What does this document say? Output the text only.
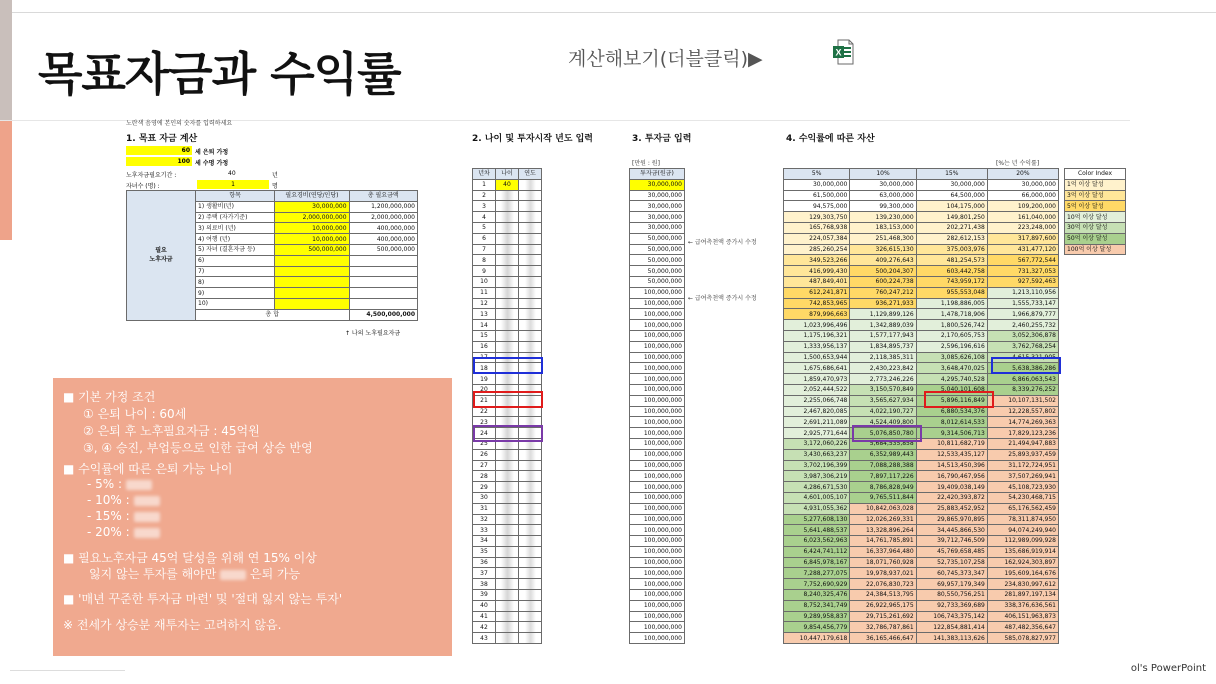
목표자금과 수익률	계산해보기(더블클릭)▶	X
노란색 음영에 본인의 숫자를 입력하세요
1. 목표 자금 계산
60 세 은퇴 가정
100 세 수명 가정
노후자금필요기간 :	40	년
자녀수 (명) :	1	명
필요
노후자금	항목	필요경비(연당/인당)	총 필요금액
	1) 생활비(년)	30,000,000	1,200,000,000
	2) 주택 (자가기준)	2,000,000,000	2,000,000,000
	3) 의료비 (년)	10,000,000	400,000,000
	4) 여행 (년)	10,000,000	400,000,000
	5) 자녀 (결혼자금 등)	500,000,000	500,000,000
	6)		
	7)		
	8)		
	9)		
	10)		
	총 합		4,500,000,000
↑ 나의 노후필요자금
■ 기본 가정 조건
① 은퇴 나이 : 60세
② 은퇴 후 노후필요자금 : 45억원
③, ④ 승진, 부업등으로 인한 급여 상승 반영
■ 수익률에 따른 은퇴 가능 나이
- 5% :
- 10% :
- 15% :
- 20% :
■ 필요노후자금 45억 달성을 위해 연 15% 이상
잃지 않는 투자를 해야만  은퇴 가능
■ '매년 꾸준한 투자금 마련' 및 '절대 잃지 않는 투자'
※ 전세가 상승분 재투자는 고려하지 않음.
2. 나이 및 투자시작 년도 입력
년차	나이	연도
1	40	
2		
3		
4		
5		
6		
7		
8		
9		
10		
11		
12		
13		
14		
15		
16		
17		
18		
19		
20		
21		
22		
23		
24		
25		
26		
27		
28		
29		
30		
31		
32		
33		
34		
35		
36		
37		
38		
39		
40		
41		
42		
43		
3. 투자금 입력
[만원 : 원]
투자금(원금)
30,000,000
30,000,000
30,000,000
30,000,000
30,000,000
50,000,000
50,000,000
50,000,000
50,000,000
50,000,000
100,000,000
100,000,000
100,000,000
100,000,000
100,000,000
100,000,000
100,000,000
100,000,000
100,000,000
100,000,000
100,000,000
100,000,000
100,000,000
100,000,000
100,000,000
100,000,000
100,000,000
100,000,000
100,000,000
100,000,000
100,000,000
100,000,000
100,000,000
100,000,000
100,000,000
100,000,000
100,000,000
100,000,000
100,000,000
100,000,000
100,000,000
100,000,000
100,000,000
← 급여측천액 증가시 수정
← 급여측천액 증가시 수정
4. 수익률에 따른 자산
[%는 년 수익률]
5%	10%	15%	20%
30,000,000	30,000,000	30,000,000	30,000,000
61,500,000	63,000,000	64,500,000	66,000,000
94,575,000	99,300,000	104,175,000	109,200,000
129,303,750	139,230,000	149,801,250	161,040,000
165,768,938	183,153,000	202,271,438	223,248,000
224,057,384	251,468,300	282,612,153	317,897,600
285,260,254	326,615,130	375,003,976	431,477,120
349,523,266	409,276,643	481,254,573	567,772,544
416,999,430	500,204,307	603,442,758	731,327,053
487,849,401	600,224,738	743,959,172	927,592,463
612,241,871	760,247,212	955,553,048	1,213,110,956
742,853,965	936,271,933	1,198,886,005	1,555,733,147
879,996,663	1,129,899,126	1,478,718,906	1,966,879,777
1,023,996,496	1,342,889,039	1,800,526,742	2,460,255,732
1,175,196,321	1,577,177,943	2,170,605,753	3,052,306,878
1,333,956,137	1,834,895,737	2,596,196,616	3,762,768,254
1,500,653,944	2,118,385,311	3,085,626,108	4,615,321,905
1,675,686,641	2,430,223,842	3,648,470,025	5,638,386,286
1,859,470,973	2,773,246,226	4,295,740,528	6,866,063,543
2,052,444,522	3,150,570,849	5,040,101,608	8,339,276,252
2,255,066,748	3,565,627,934	5,896,116,849	10,107,131,502
2,467,820,085	4,022,190,727	6,880,534,376	12,228,557,802
2,691,211,089	4,524,409,800	8,012,614,533	14,774,269,363
2,925,771,644	5,076,850,780	9,314,506,713	17,829,123,236
3,172,060,226	5,684,535,858	10,811,682,719	21,494,947,883
3,430,663,237	6,352,989,443	12,533,435,127	25,893,937,459
3,702,196,399	7,088,288,388	14,513,450,396	31,172,724,951
3,987,306,219	7,897,117,226	16,790,467,956	37,507,269,941
4,286,671,530	8,786,828,949	19,409,038,149	45,108,723,930
4,601,005,107	9,765,511,844	22,420,393,872	54,230,468,715
4,931,055,362	10,842,063,028	25,883,452,952	65,176,562,459
5,277,608,130	12,026,269,331	29,865,970,895	78,311,874,950
5,641,488,537	13,328,896,264	34,445,866,530	94,074,249,940
6,023,562,963	14,761,785,891	39,712,746,509	112,989,099,928
6,424,741,112	16,337,964,480	45,769,658,485	135,686,919,914
6,845,978,167	18,071,760,928	52,735,107,258	162,924,303,897
7,288,277,075	19,978,937,021	60,745,373,347	195,609,164,676
7,752,690,929	22,076,830,723	69,957,179,349	234,830,997,612
8,240,325,476	24,384,513,795	80,550,756,251	281,897,197,134
8,752,341,749	26,922,965,175	92,733,369,689	338,376,636,561
9,289,958,837	29,715,261,692	106,743,375,142	406,151,963,873
9,854,456,779	32,786,787,861	122,854,881,414	487,482,356,647
10,447,179,618	36,165,466,647	141,383,113,626	585,078,827,977
Color Index
1억 이상 달성
3억 이상 달성
5억 이상 달성
10억 이상 달성
30억 이상 달성
50억 이상 달성
100억 이상 달성
ol's PowerPoint
